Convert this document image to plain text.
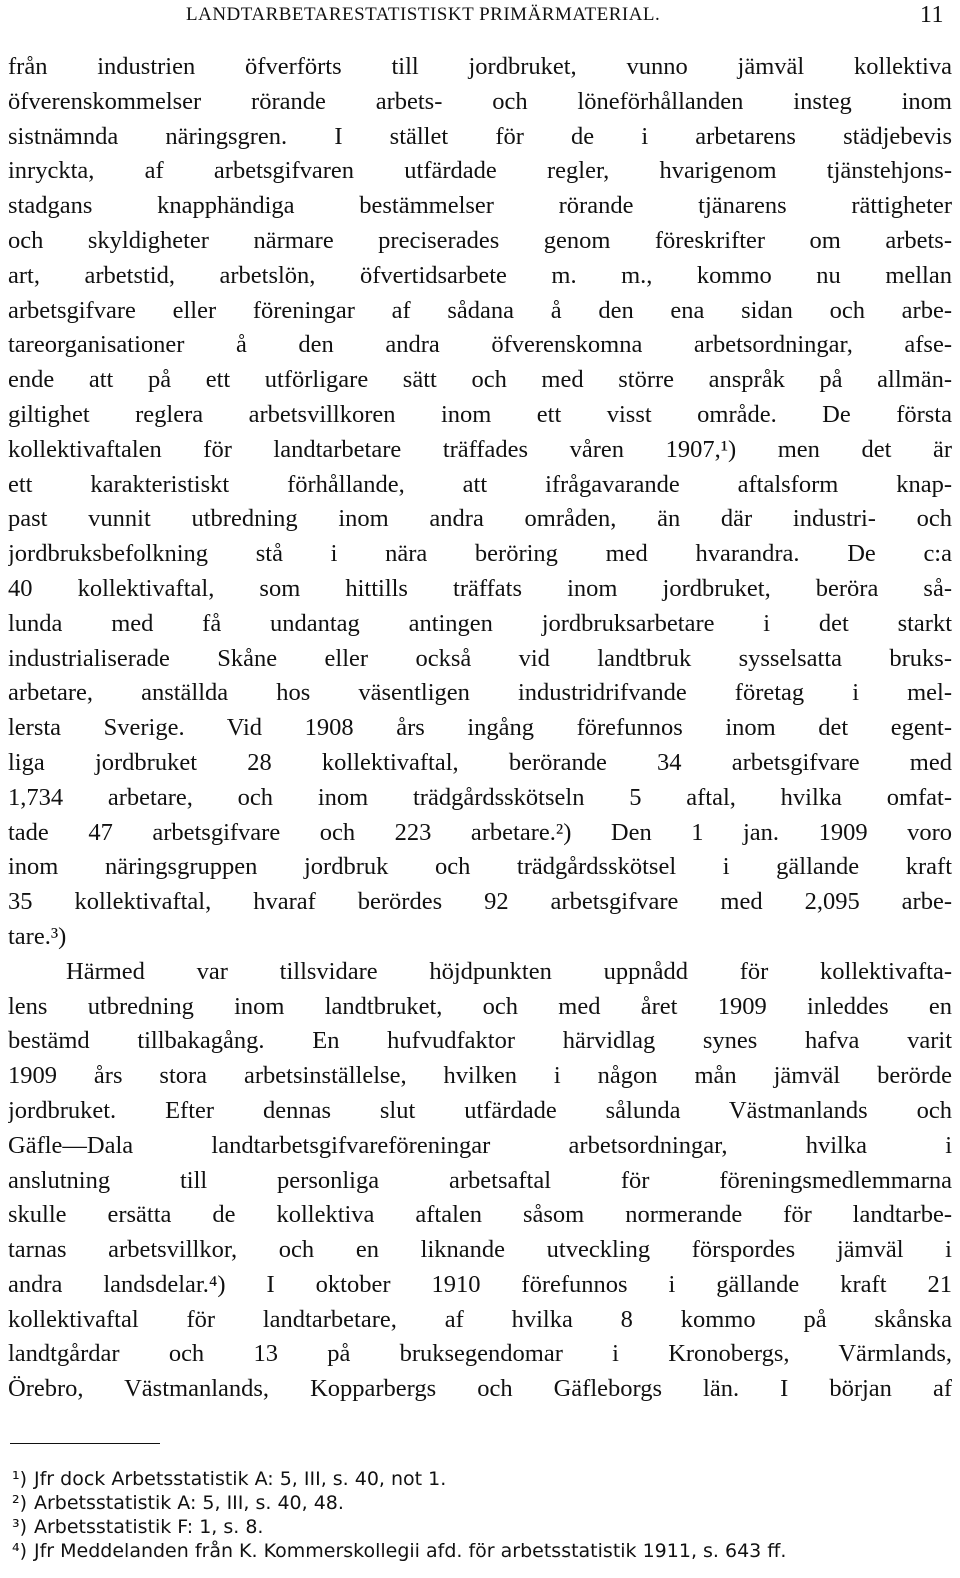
LANDTARBETARESTATISTISKT PRIMÄRMATERIAL.	11
från industrien öfverförts till jordbruket, vunno jämväl kollektiva
öfverenskommelser rörande arbets- och löneförhållanden insteg inom
sistnämnda näringsgren. I stället för de i arbetarens städjebevis
inryckta, af arbetsgifvaren utfärdade regler, hvarigenom tjänstehjons-
stadgans knapphändiga bestämmelser rörande tjänarens rättigheter
och skyldigheter närmare preciserades genom föreskrifter om arbets-
art, arbetstid, arbetslön, öfvertidsarbete m. m., kommo nu mellan
arbetsgifvare eller föreningar af sådana å den ena sidan och arbe-
tareorganisationer å den andra öfverenskomna arbetsordningar, afse-
ende att på ett utförligare sätt och med större anspråk på allmän-
giltighet reglera arbetsvillkoren inom ett visst område. De första
kollektivaftalen för landtarbetare träffades våren 1907,¹) men det är
ett karakteristiskt förhållande, att ifrågavarande aftalsform knap-
past vunnit utbredning inom andra områden, än där industri- och
jordbruksbefolkning stå i nära beröring med hvarandra. De c:a
40 kollektivaftal, som hittills träffats inom jordbruket, beröra så-
lunda med få undantag antingen jordbruksarbetare i det starkt
industrialiserade Skåne eller också vid landtbruk sysselsatta bruks-
arbetare, anställda hos väsentligen industridrifvande företag i mel-
lersta Sverige. Vid 1908 års ingång förefunnos inom det egent-
liga jordbruket 28 kollektivaftal, berörande 34 arbetsgifvare med
1,734 arbetare, och inom trädgårdsskötseln 5 aftal, hvilka omfat-
tade 47 arbetsgifvare och 223 arbetare.²) Den 1 jan. 1909 voro
inom näringsgruppen jordbruk och trädgårdsskötsel i gällande kraft
35 kollektivaftal, hvaraf berördes 92 arbetsgifvare med 2,095 arbe-
tare.³)
Härmed var tillsvidare höjdpunkten uppnådd för kollektivafta-
lens utbredning inom landtbruket, och med året 1909 inleddes en
bestämd tillbakagång. En hufvudfaktor härvidlag synes hafva varit
1909 års stora arbetsinställelse, hvilken i någon mån jämväl berörde
jordbruket. Efter dennas slut utfärdade sålunda Västmanlands och
Gäfle—Dala landtarbetsgifvareföreningar arbetsordningar, hvilka i
anslutning till personliga arbetsaftal för föreningsmedlemmarna
skulle ersätta de kollektiva aftalen såsom normerande för landtarbe-
tarnas arbetsvillkor, och en liknande utveckling förspordes jämväl i
andra landsdelar.⁴) I oktober 1910 förefunnos i gällande kraft 21
kollektivaftal för landtarbetare, af hvilka 8 kommo på skånska
landtgårdar och 13 på bruksegendomar i Kronobergs, Värmlands,
Örebro, Västmanlands, Kopparbergs och Gäfleborgs län. I början af
¹) Jfr dock Arbetsstatistik A: 5, III, s. 40, not 1.
²) Arbetsstatistik A: 5, III, s. 40, 48.
³) Arbetsstatistik F: 1, s. 8.
⁴) Jfr Meddelanden från K. Kommerskollegii afd. för arbetsstatistik 1911, s. 643 ff.
